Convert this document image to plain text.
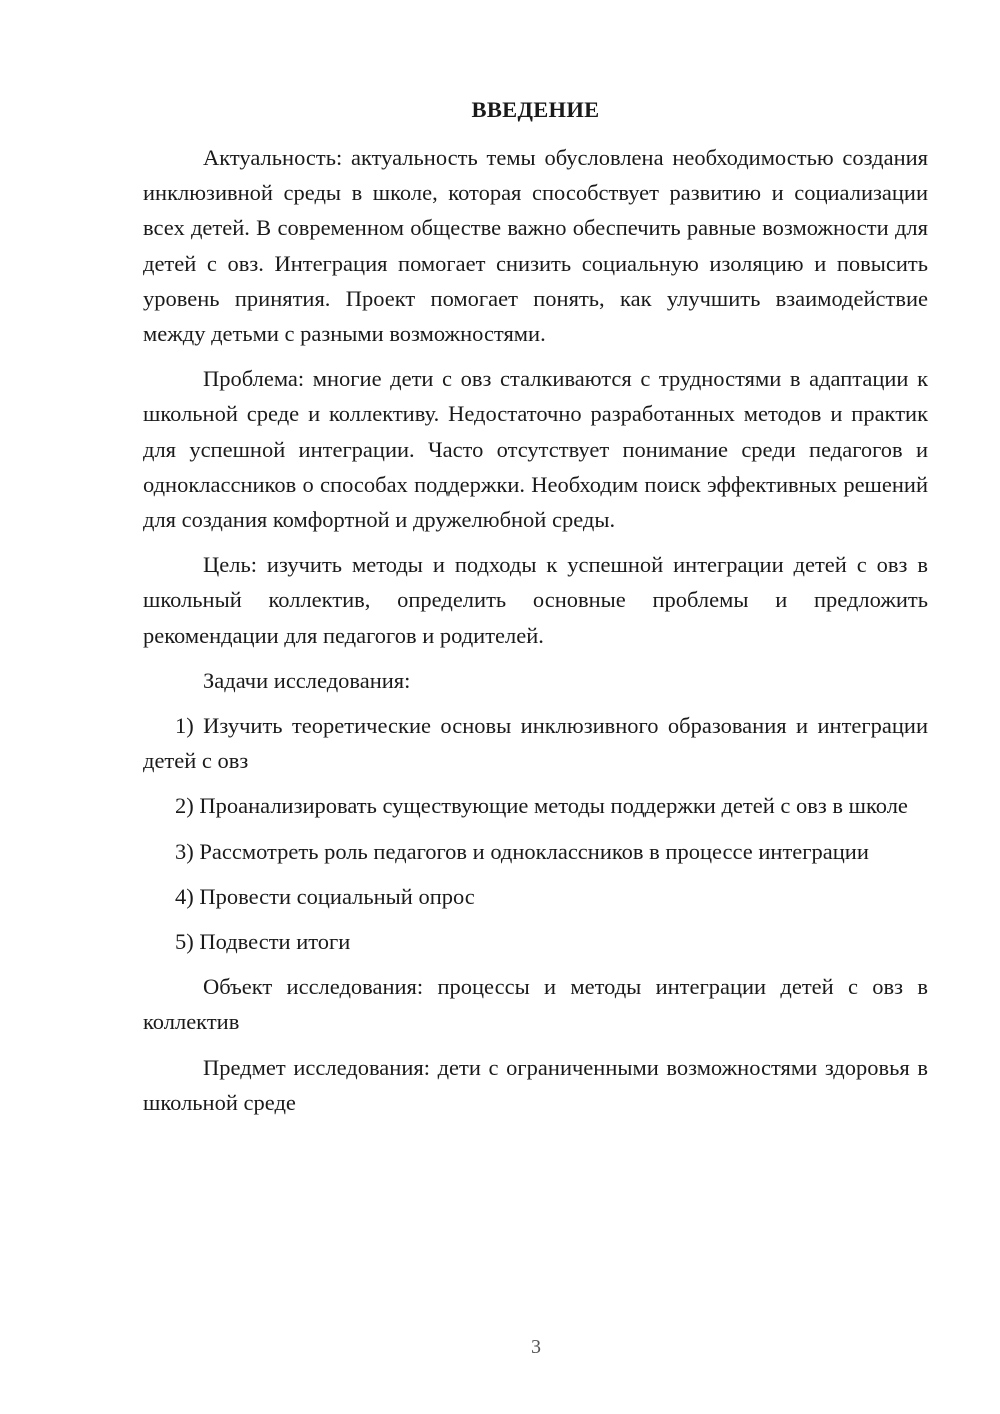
ВВЕДЕНИЕ

Актуальность: актуальность темы обусловлена необходимостью создания инклюзивной среды в школе, которая способствует развитию и социализации всех детей. В современном обществе важно обеспечить равные возможности для детей с овз. Интеграция помогает снизить социальную изоляцию и повысить уровень принятия. Проект помогает понять, как улучшить взаимодействие между детьми с разными возможностями.

Проблема: многие дети с овз сталкиваются с трудностями в адаптации к школьной среде и коллективу. Недостаточно разработанных методов и практик для успешной интеграции. Часто отсутствует понимание среди педагогов и одноклассников о способах поддержки. Необходим поиск эффективных решений для создания комфортной и дружелюбной среды.

Цель: изучить методы и подходы к успешной интеграции детей с овз в школьный коллектив, определить основные проблемы и предложить рекомендации для педагогов и родителей.

Задачи исследования:

1) Изучить теоретические основы инклюзивного образования и интеграции детей с овз

2) Проанализировать существующие методы поддержки детей с овз в школе

3) Рассмотреть роль педагогов и одноклассников в процессе интеграции

4) Провести социальный опрос

5) Подвести итоги

Объект исследования: процессы и методы интеграции детей с овз в коллектив

Предмет исследования: дети с ограниченными возможностями здоровья в школьной среде

3
